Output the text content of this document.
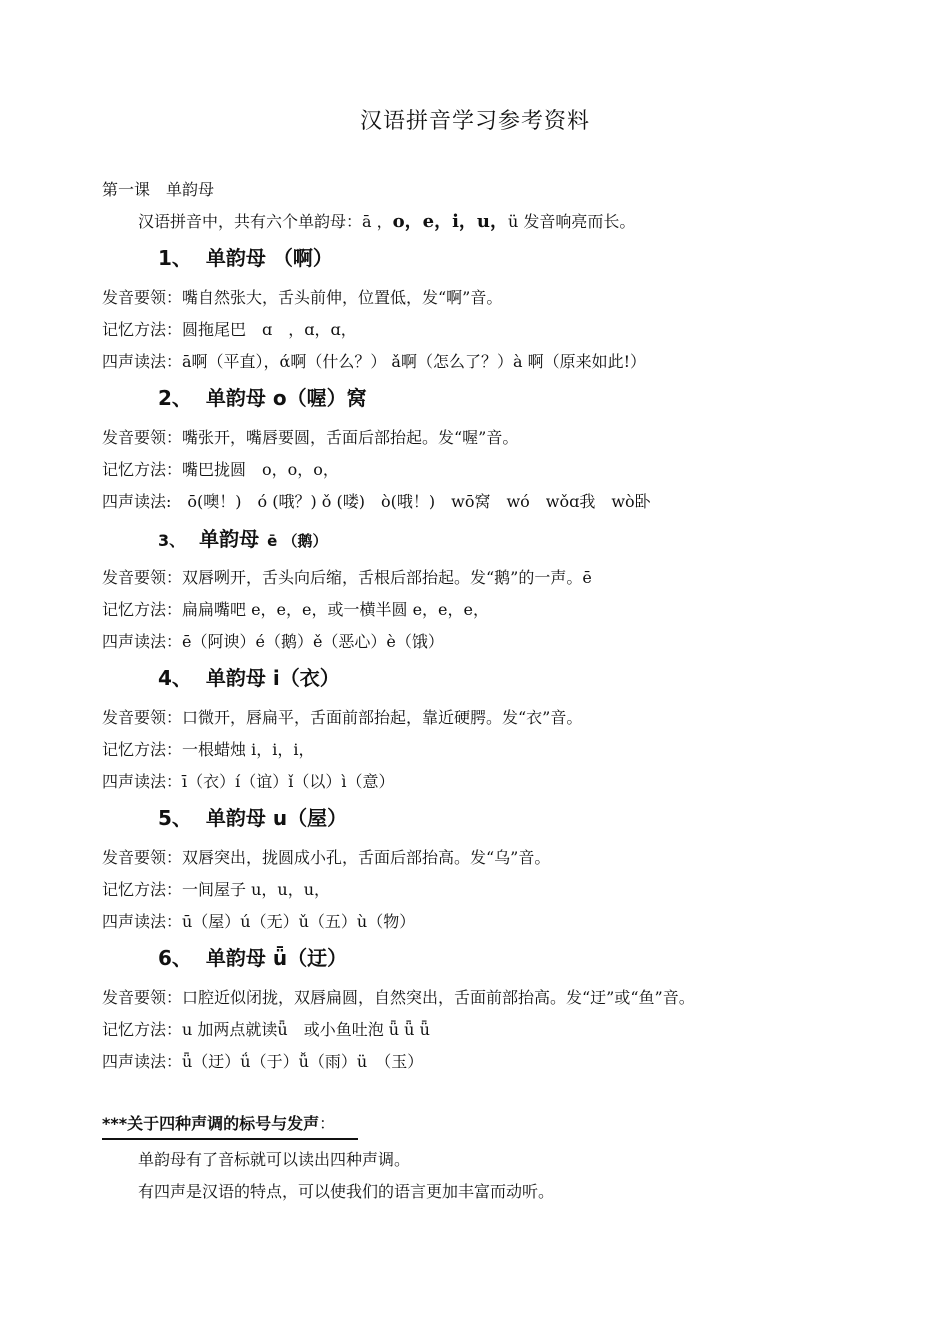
汉语拼音学习参考资料
第一课　单韵母
汉语拼音中，共有六个单韵母：ā ，o，e，i，u，ü 发音响亮而长。
1、 单韵母 （啊）
发音要领：嘴自然张大，舌头前伸，位置低，发“啊”音。
记忆方法：圆拖尾巴　ɑ　，ɑ，ɑ，
四声读法：ā啊（平直），ά啊（什么？） ǎ啊（怎么了？）à 啊（原来如此!）
2、 单韵母 o（喔）窝
发音要领：嘴张开，嘴唇要圆，舌面后部抬起。发“喔”音。
记忆方法：嘴巴拢圆　o，o，o，
四声读法:　ō(噢！)　ó (哦？) ǒ (喽)　ò(哦！)　wō窝　wó　wǒɑ我　wò卧
3、 单韵母 ē （鹅）
发音要领：双唇咧开，舌头向后缩，舌根后部抬起。发“鹅”的一声。ē
记忆方法：扁扁嘴吧 e，e，e，或一横半圆 e，e，e，
四声读法：ē（阿谀）é（鹅）ě（恶心）è（饿）
4、 单韵母 i（衣）
发音要领：口微开，唇扁平，舌面前部抬起，靠近硬腭。发“衣”音。
记忆方法：一根蜡烛 i，i，i，
四声读法：ī（衣）í（谊）ǐ（以）ì（意）
5、 单韵母 u（屋）
发音要领：双唇突出，拢圆成小孔，舌面后部抬高。发“乌”音。
记忆方法：一间屋子 u，u，u，
四声读法：ū（屋）ú（无）ǔ（五）ù（物）
6、 单韵母 ǖ（迂）
发音要领：口腔近似闭拢，双唇扁圆，自然突出，舌面前部抬高。发“迂”或“鱼”音。
记忆方法：u 加两点就读ǖ　或小鱼吐泡 ǖ ǖ ǖ
四声读法：ǖ（迂）ǘ（于）ǚ（雨）ü　（玉）
***关于四种声调的标号与发声：
单韵母有了音标就可以读出四种声调。
有四声是汉语的特点，可以使我们的语言更加丰富而动听。
